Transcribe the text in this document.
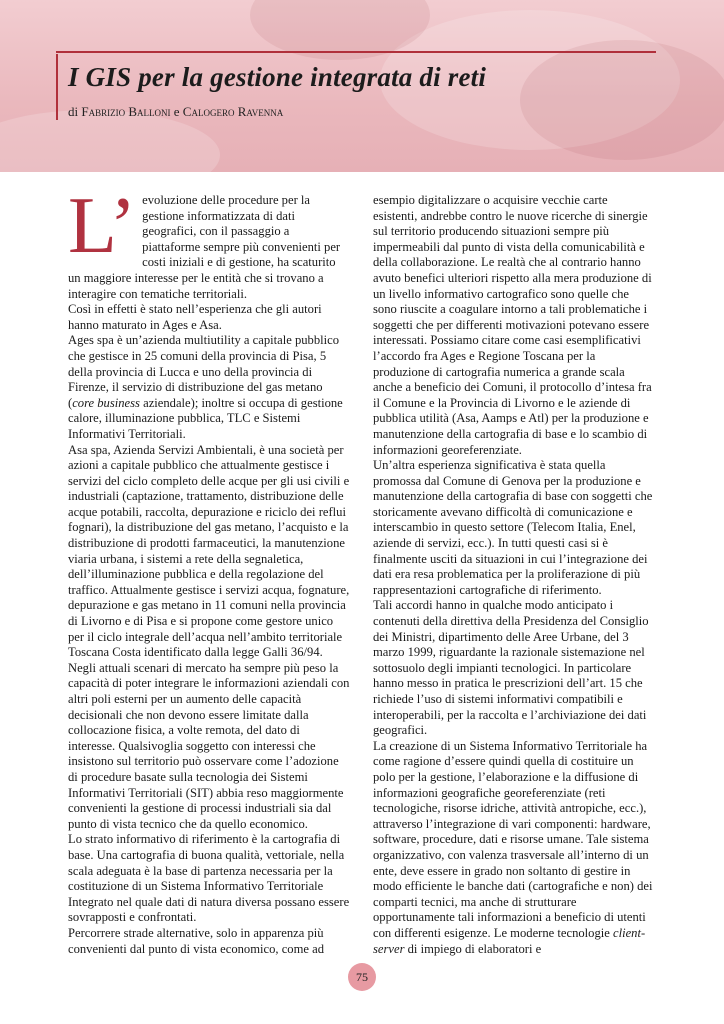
I GIS per la gestione integrata di reti
di Fabrizio Balloni e Calogero Ravenna
L’ evoluzione delle procedure per la gestione informatizzata di dati geografici, con il passaggio a piattaforme sempre più convenienti per costi iniziali e di gestione, ha scaturito un maggiore interesse per le entità che si trovano a interagire con tematiche territoriali.

Così in effetti è stato nell’esperienza che gli autori hanno maturato in Ages e Asa.

Ages spa è un’azienda multiutility a capitale pubblico che gestisce in 25 comuni della provincia di Pisa, 5 della provincia di Lucca e uno della provincia di Firenze, il servizio di distribuzione del gas metano (core business aziendale); inoltre si occupa di gestione calore, illuminazione pubblica, TLC e Sistemi Informativi Territoriali.

Asa spa, Azienda Servizi Ambientali, è una società per azioni a capitale pubblico che attualmente gestisce i servizi del ciclo completo delle acque per gli usi civili e industriali (captazione, trattamento, distribuzione delle acque potabili, raccolta, depurazione e riciclo dei reflui fognari), la distribuzione del gas metano, l’acquisto e la distribuzione di prodotti farmaceutici, la manutenzione viaria urbana, i sistemi a rete della segnaletica, dell’illuminazione pubblica e della regolazione del traffico. Attualmente gestisce i servizi acqua, fognature, depurazione e gas metano in 11 comuni nella provincia di Livorno e di Pisa e si propone come gestore unico per il ciclo integrale dell’acqua nell’ambito territoriale Toscana Costa identificato dalla legge Galli 36/94.

Negli attuali scenari di mercato ha sempre più peso la capacità di poter integrare le informazioni aziendali con altri poli esterni per un aumento delle capacità decisionali che non devono essere limitate dalla collocazione fisica, a volte remota, del dato di interesse. Qualsivoglia soggetto con interessi che insistono sul territorio può osservare come l’adozione di procedure basate sulla tecnologia dei Sistemi Informativi Territoriali (SIT) abbia reso maggiormente convenienti la gestione di processi industriali sia dal punto di vista tecnico che da quello economico.

Lo strato informativo di riferimento è la cartografia di base. Una cartografia di buona qualità, vettoriale, nella scala adeguata è la base di partenza necessaria per la costituzione di un Sistema Informativo Territoriale Integrato nel quale dati di natura diversa possano essere sovrapposti e confrontati.

Percorrere strade alternative, solo in apparenza più convenienti dal punto di vista economico, come ad

esempio digitalizzare o acquisire vecchie carte esistenti, andrebbe contro le nuove ricerche di sinergie sul territorio producendo situazioni sempre più impermeabili dal punto di vista della comunicabilità e della collaborazione. Le realtà che al contrario hanno avuto benefici ulteriori rispetto alla mera produzione di un livello informativo cartografico sono quelle che sono riuscite a coagulare intorno a tali problematiche i soggetti che per differenti motivazioni potevano essere interessati. Possiamo citare come casi esemplificativi l’accordo fra Ages e Regione Toscana per la produzione di cartografia numerica a grande scala anche a beneficio dei Comuni, il protocollo d’intesa fra il Comune e la Provincia di Livorno e le aziende di pubblica utilità (Asa, Aamps e Atl) per la produzione e manutenzione della cartografia di base e lo scambio di informazioni georeferenziate.

Un’altra esperienza significativa è stata quella promossa dal Comune di Genova per la produzione e manutenzione della cartografia di base con soggetti che storicamente avevano difficoltà di comunicazione e interscambio in questo settore (Telecom Italia, Enel, aziende di servizi, ecc.). In tutti questi casi si è finalmente usciti da situazioni in cui l’integrazione dei dati era resa problematica per la proliferazione di più rappresentazioni cartografiche di riferimento.

Tali accordi hanno in qualche modo anticipato i contenuti della direttiva della Presidenza del Consiglio dei Ministri, dipartimento delle Aree Urbane, del 3 marzo 1999, riguardante la razionale sistemazione nel sottosuolo degli impianti tecnologici. In particolare hanno messo in pratica le prescrizioni dell’art. 15 che richiede l’uso di sistemi informativi compatibili e interoperabili, per la raccolta e l’archiviazione dei dati geografici.

La creazione di un Sistema Informativo Territoriale ha come ragione d’essere quindi quella di costituire un polo per la gestione, l’elaborazione e la diffusione di informazioni geografiche georeferenziate (reti tecnologiche, risorse idriche, attività antropiche, ecc.), attraverso l’integrazione di vari componenti: hardware, software, procedure, dati e risorse umane. Tale sistema organizzativo, con valenza trasversale all’interno di un ente, deve essere in grado non soltanto di gestire in modo efficiente le banche dati (cartografiche e non) dei comparti tecnici, ma anche di strutturare opportunamente tali informazioni a beneficio di utenti con differenti esigenze. Le moderne tecnologie client-server di impiego di elaboratori e

75
